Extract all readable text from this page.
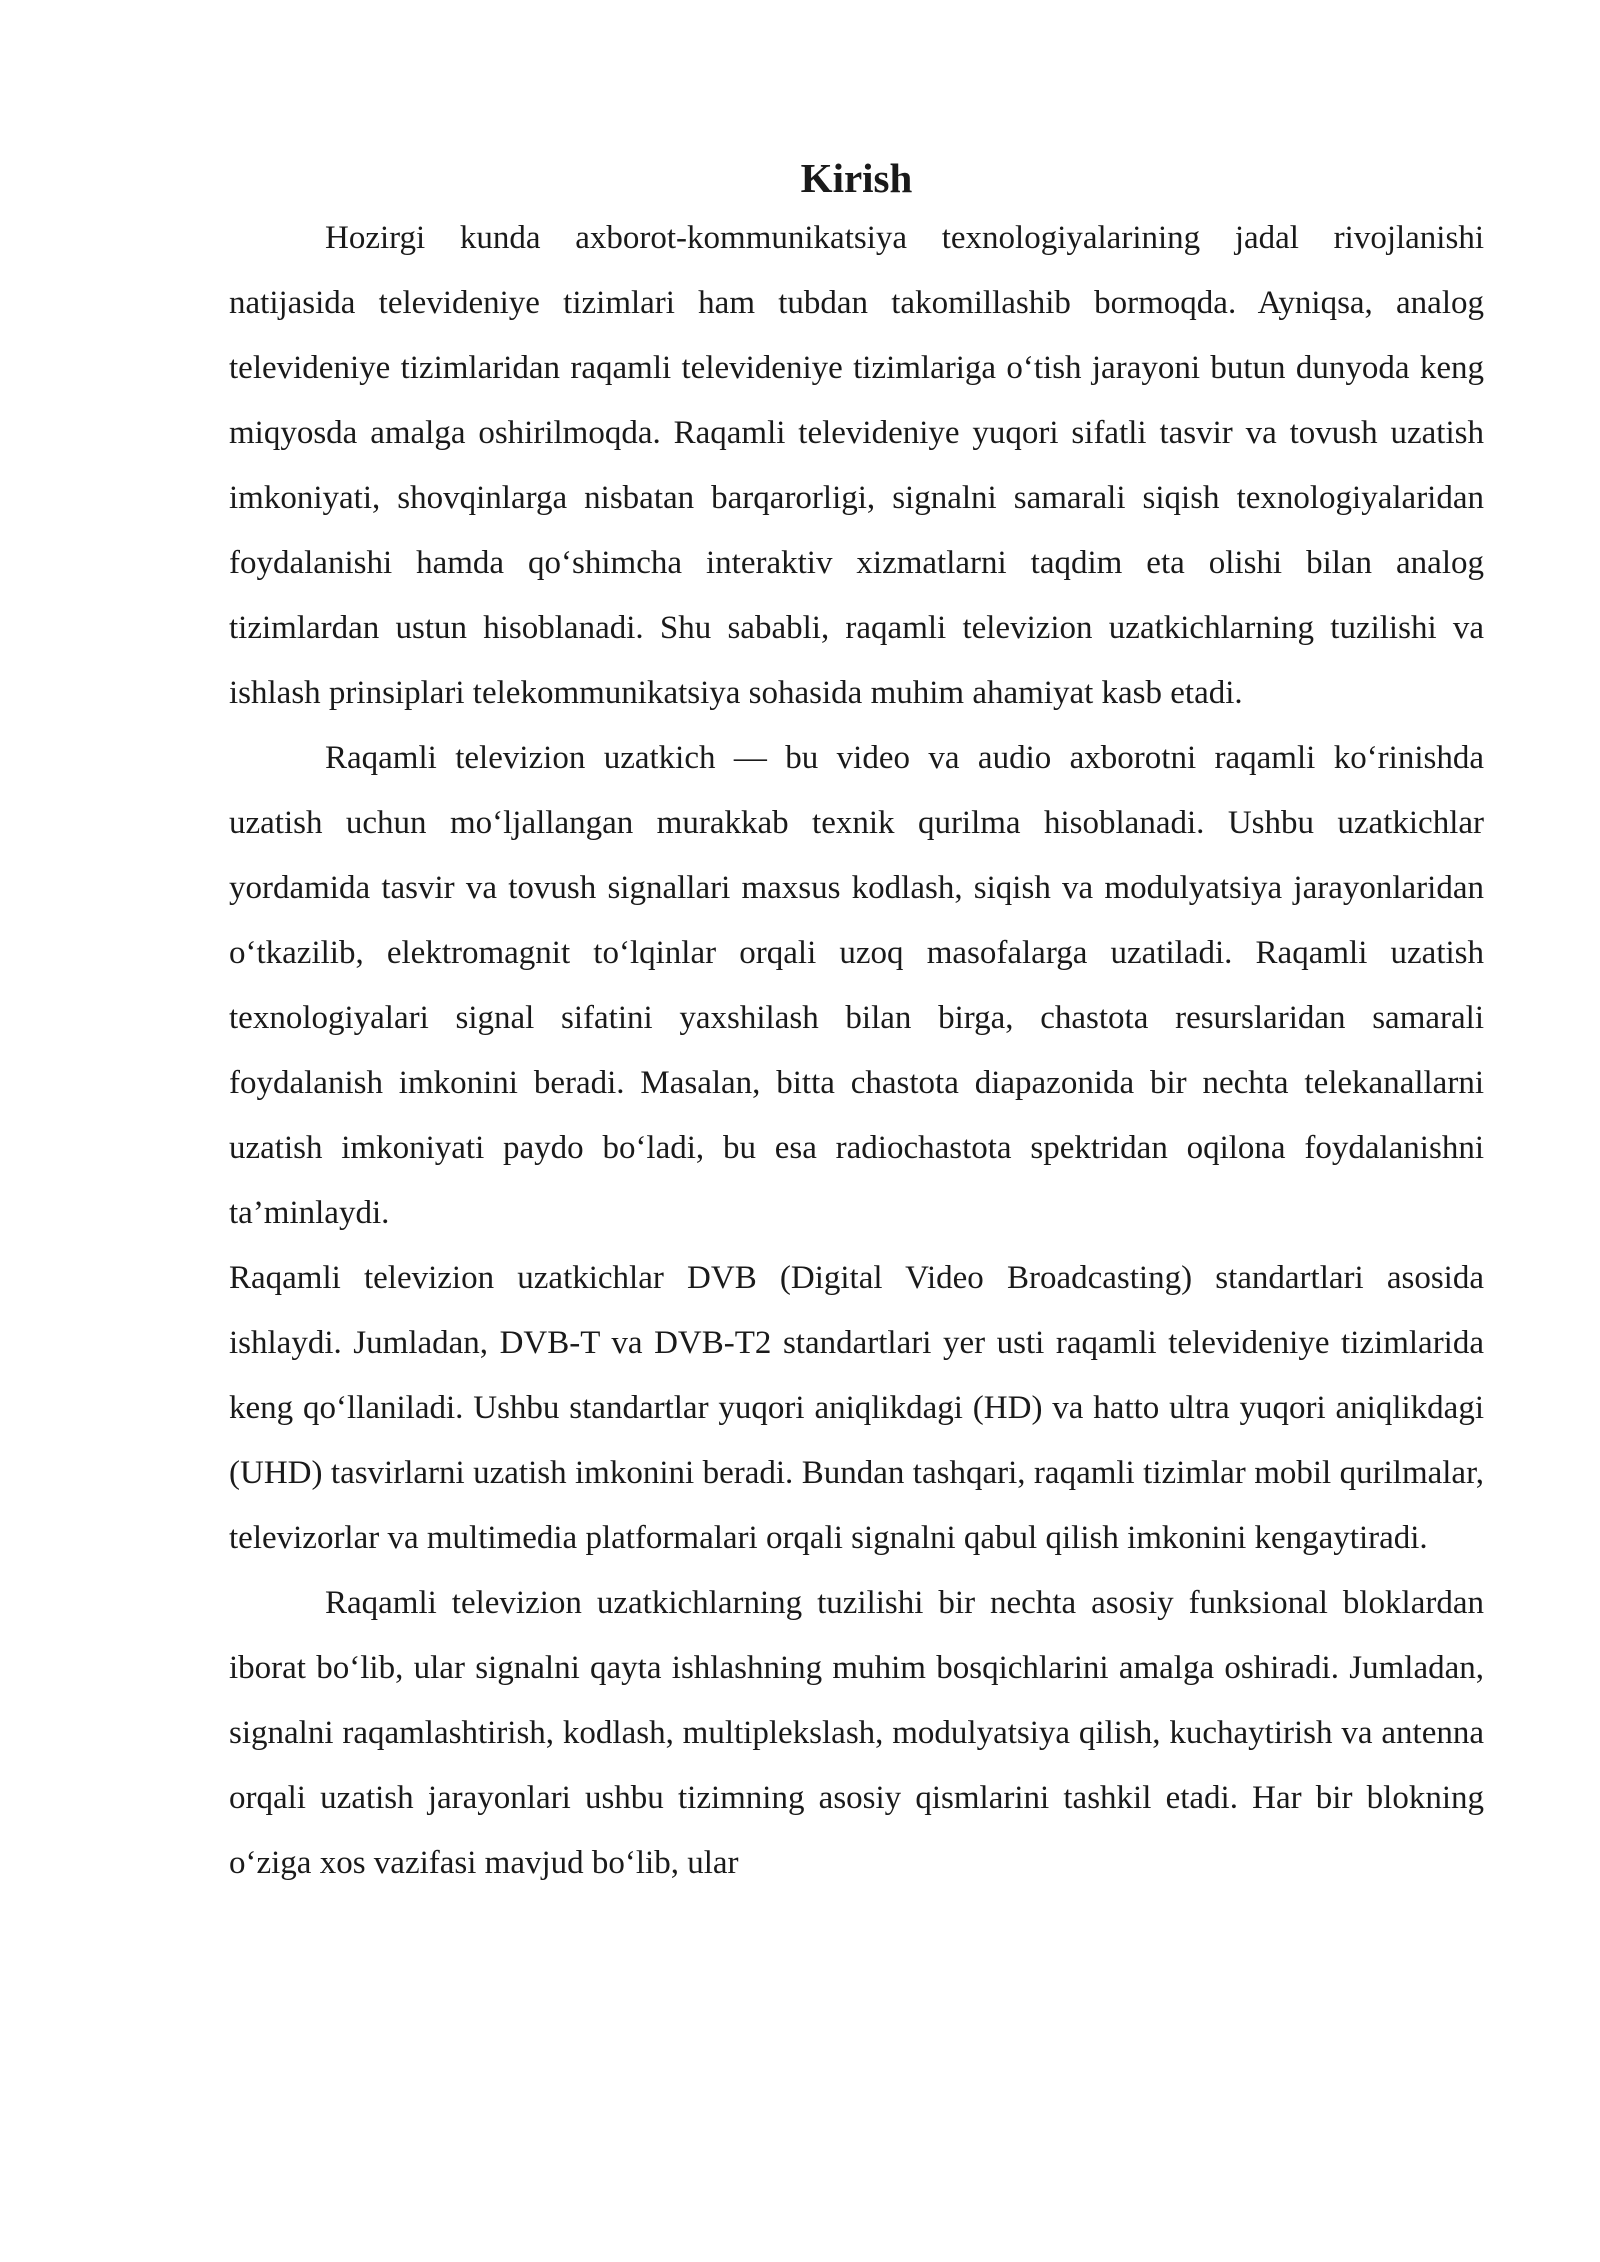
Kirish

Hozirgi kunda axborot-kommunikatsiya texnologiyalarining jadal rivojlanishi natijasida televideniye tizimlari ham tubdan takomillashib bormoqda. Ayniqsa, analog televideniye tizimlaridan raqamli televideniye tizimlariga o‘tish jarayoni butun dunyoda keng miqyosda amalga oshirilmoqda. Raqamli televideniye yuqori sifatli tasvir va tovush uzatish imkoniyati, shovqinlarga nisbatan barqarorligi, signalni samarali siqish texnologiyalaridan foydalanishi hamda qo‘shimcha interaktiv xizmatlarni taqdim eta olishi bilan analog tizimlardan ustun hisoblanadi. Shu sababli, raqamli televizion uzatkichlarning tuzilishi va ishlash prinsiplari telekommunikatsiya sohasida muhim ahamiyat kasb etadi.

Raqamli televizion uzatkich — bu video va audio axborotni raqamli ko‘rinishda uzatish uchun mo‘ljallangan murakkab texnik qurilma hisoblanadi. Ushbu uzatkichlar yordamida tasvir va tovush signallari maxsus kodlash, siqish va modulyatsiya jarayonlaridan o‘tkazilib, elektromagnit to‘lqinlar orqali uzoq masofalarga uzatiladi. Raqamli uzatish texnologiyalari signal sifatini yaxshilash bilan birga, chastota resurslaridan samarali foydalanish imkonini beradi. Masalan, bitta chastota diapazonida bir nechta telekanallarni uzatish imkoniyati paydo bo‘ladi, bu esa radiochastota spektridan oqilona foydalanishni ta’minlaydi.

Raqamli televizion uzatkichlar DVB (Digital Video Broadcasting) standartlari asosida ishlaydi. Jumladan, DVB-T va DVB-T2 standartlari yer usti raqamli televideniye tizimlarida keng qo‘llaniladi. Ushbu standartlar yuqori aniqlikdagi (HD) va hatto ultra yuqori aniqlikdagi (UHD) tasvirlarni uzatish imkonini beradi. Bundan tashqari, raqamli tizimlar mobil qurilmalar, televizorlar va multimedia platformalari orqali signalni qabul qilish imkonini kengaytiradi.

Raqamli televizion uzatkichlarning tuzilishi bir nechta asosiy funksional bloklardan iborat bo‘lib, ular signalni qayta ishlashning muhim bosqichlarini amalga oshiradi. Jumladan, signalni raqamlashtirish, kodlash, multiplekslash, modulyatsiya qilish, kuchaytirish va antenna orqali uzatish jarayonlari ushbu tizimning asosiy qismlarini tashkil etadi. Har bir blokning o‘ziga xos vazifasi mavjud bo‘lib, ular
